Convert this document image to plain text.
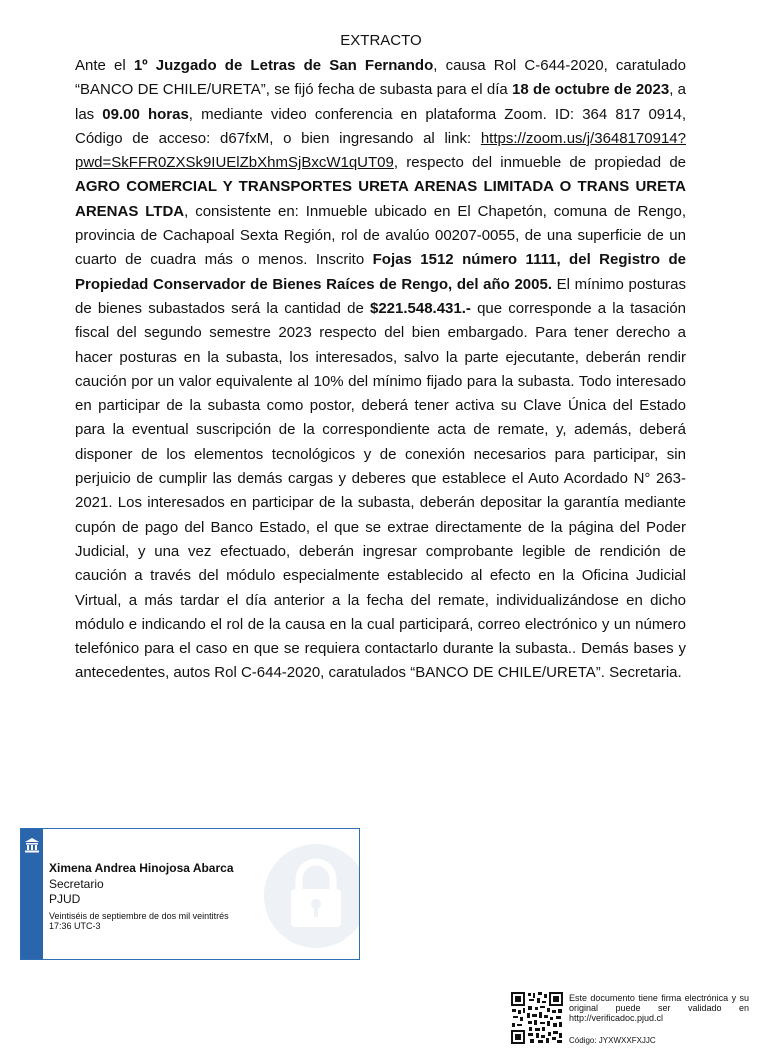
EXTRACTO
Ante el 1º Juzgado de Letras de San Fernando, causa Rol C-644-2020, caratulado “BANCO DE CHILE/URETA”, se fijó fecha de subasta para el día 18 de octubre de 2023, a las 09.00 horas, mediante video conferencia en plataforma Zoom. ID: 364 817 0914, Código de acceso: d67fxM, o bien ingresando al link: https://zoom.us/j/3648170914?pwd=SkFFR0ZXSk9IUElZbXhmSjBxcW1qUT09, respecto del inmueble de propiedad de AGRO COMERCIAL Y TRANSPORTES URETA ARENAS LIMITADA O TRANS URETA ARENAS LTDA, consistente en: Inmueble ubicado en El Chapetón, comuna de Rengo, provincia de Cachapoal Sexta Región, rol de avalúo 00207-0055, de una superficie de un cuarto de cuadra más o menos. Inscrito Fojas 1512 número 1111, del Registro de Propiedad Conservador de Bienes Raíces de Rengo, del año 2005. El mínimo posturas de bienes subastados será la cantidad de $221.548.431.- que corresponde a la tasación fiscal del segundo semestre 2023 respecto del bien embargado. Para tener derecho a hacer posturas en la subasta, los interesados, salvo la parte ejecutante, deberán rendir caución por un valor equivalente al 10% del mínimo fijado para la subasta. Todo interesado en participar de la subasta como postor, deberá tener activa su Clave Única del Estado para la eventual suscripción de la correspondiente acta de remate, y, además, deberá disponer de los elementos tecnológicos y de conexión necesarios para participar, sin perjuicio de cumplir las demás cargas y deberes que establece el Auto Acordado N° 263-2021. Los interesados en participar de la subasta, deberán depositar la garantía mediante cupón de pago del Banco Estado, el que se extrae directamente de la página del Poder Judicial, y una vez efectuado, deberán ingresar comprobante legible de rendición de caución a través del módulo especialmente establecido al efecto en la Oficina Judicial Virtual, a más tardar el día anterior a la fecha del remate, individualizándose en dicho módulo e indicando el rol de la causa en la cual participará, correo electrónico y un número telefónico para el caso en que se requiera contactarlo durante la subasta.. Demás bases y antecedentes, autos Rol C-644-2020, caratulados “BANCO DE CHILE/URETA”. Secretaria.
Ximena Andrea Hinojosa Abarca
Secretario
PJUD
Veintiséis de septiembre de dos mil veintitrés
17:36 UTC-3
Este documento tiene firma electrónica y su original puede ser validado en http://verificadoc.pjud.cl
Código: JYXWXXFXJJC
